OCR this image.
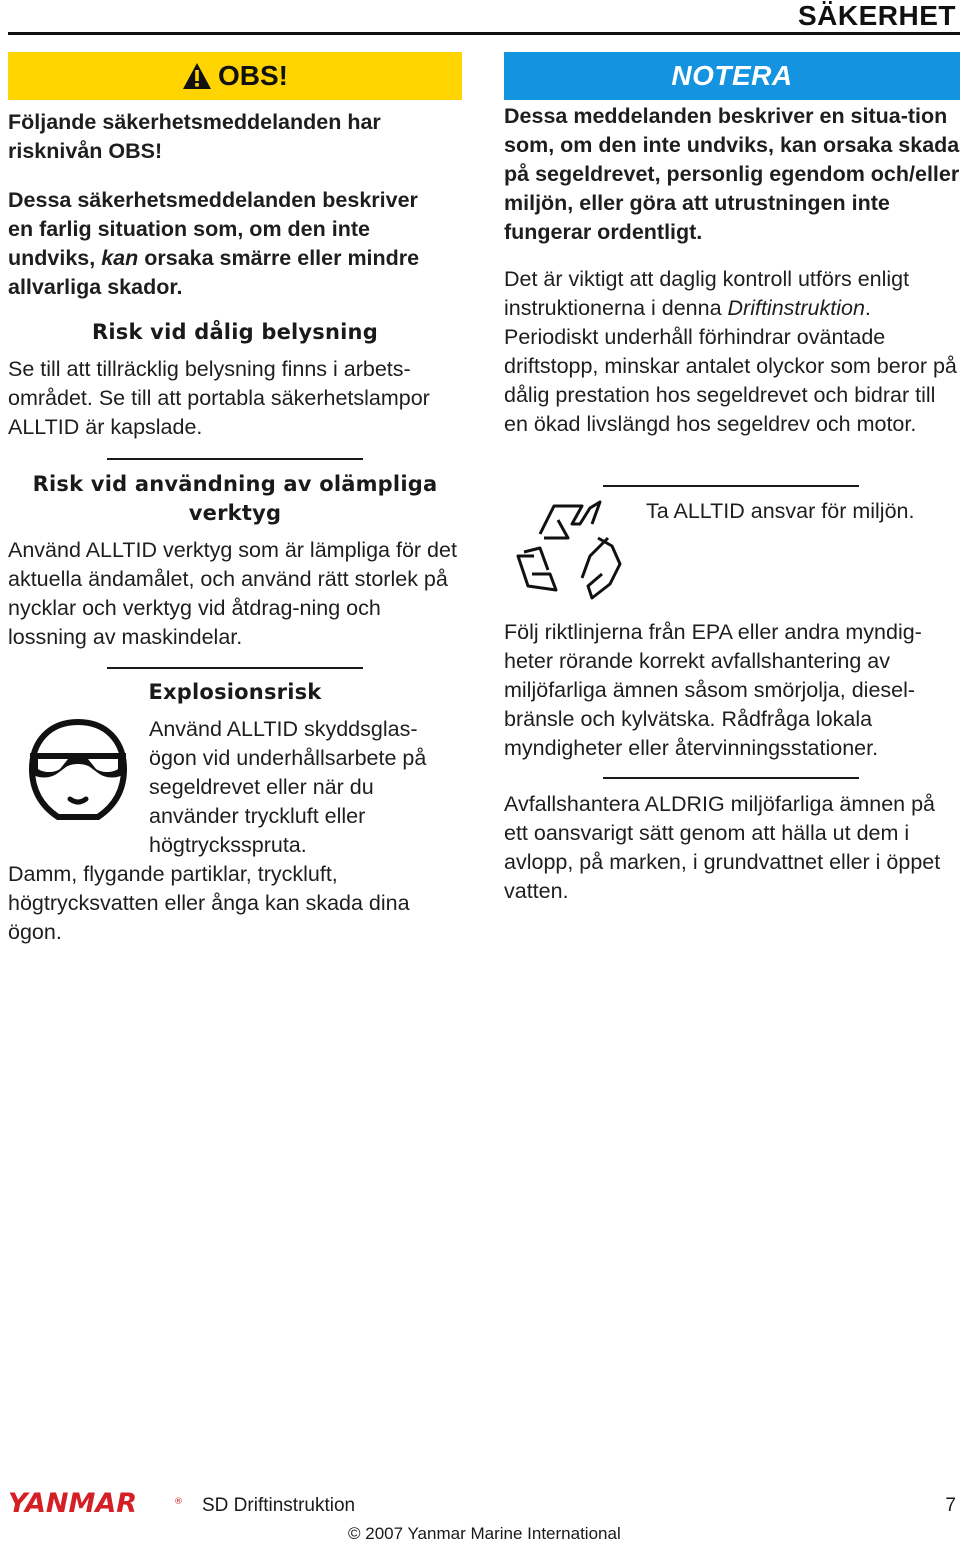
SÄKERHET
OBS!

Följande säkerhetsmeddelanden har risknivån OBS!

Dessa säkerhetsmeddelanden beskriver en farlig situation som, om den inte undviks, kan orsaka smärre eller mindre allvarliga skador.

Risk vid dålig belysning

Se till att tillräcklig belysning finns i arbets-området. Se till att portabla säkerhetslampor ALLTID är kapslade.

Risk vid användning av olämpliga verktyg

Använd ALLTID verktyg som är lämpliga för det aktuella ändamålet, och använd rätt storlek på nycklar och verktyg vid åtdrag-ning och lossning av maskindelar.

Explosionsrisk

Använd ALLTID skyddsglas-ögon vid underhållsarbete på segeldrevet eller när du använder tryckluft eller högtrycksspruta.

Damm, flygande partiklar, tryckluft, högtrycksvatten eller ånga kan skada dina ögon.

NOTERA

Dessa meddelanden beskriver en situa-tion som, om den inte undviks, kan orsaka skada på segeldrevet, personlig egendom och/eller miljön, eller göra att utrustningen inte fungerar ordentligt.

Det är viktigt att daglig kontroll utförs enligt instruktionerna i denna Driftinstruktion. Periodiskt underhåll förhindrar oväntade driftstopp, minskar antalet olyckor som beror på dålig prestation hos segeldrevet och bidrar till en ökad livslängd hos segeldrev och motor.

Ta ALLTID ansvar för miljön.

Följ riktlinjerna från EPA eller andra myndig-heter rörande korrekt avfallshantering av miljöfarliga ämnen såsom smörjolja, diesel-bränsle och kylvätska. Rådfråga lokala myndigheter eller återvinningsstationer.

Avfallshantera ALDRIG miljöfarliga ämnen på ett oansvarigt sätt genom att hälla ut dem i avlopp, på marken, i grundvattnet eller i öppet vatten.

YANMAR	® SD Driftinstruktion	7
© 2007 Yanmar Marine International
